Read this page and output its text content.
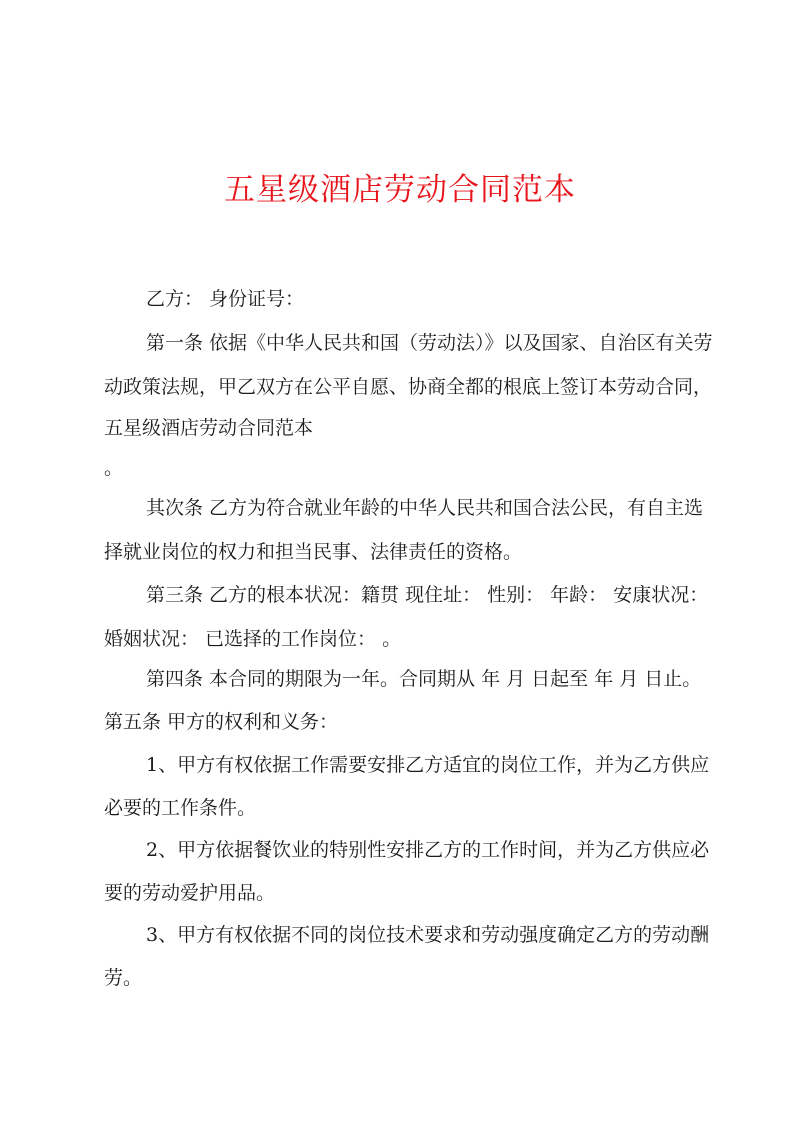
五星级酒店劳动合同范本
乙方： 身份证号：
第一条 依据《中华人民共和国（劳动法）》以及国家、自治区有关劳
动政策法规，甲乙双方在公平自愿、协商全都的根底上签订本劳动合同，
五星级酒店劳动合同范本
。
其次条 乙方为符合就业年龄的中华人民共和国合法公民，有自主选
择就业岗位的权力和担当民事、法律责任的资格。
第三条 乙方的根本状况：籍贯 现住址： 性别： 年龄： 安康状况：
婚姻状况： 已选择的工作岗位： 。
第四条 本合同的期限为一年。合同期从 年 月 日起至 年 月 日止。
第五条 甲方的权利和义务：
1、甲方有权依据工作需要安排乙方适宜的岗位工作，并为乙方供应
必要的工作条件。
2、甲方依据餐饮业的特别性安排乙方的工作时间，并为乙方供应必
要的劳动爱护用品。
3、甲方有权依据不同的岗位技术要求和劳动强度确定乙方的劳动酬
劳。
